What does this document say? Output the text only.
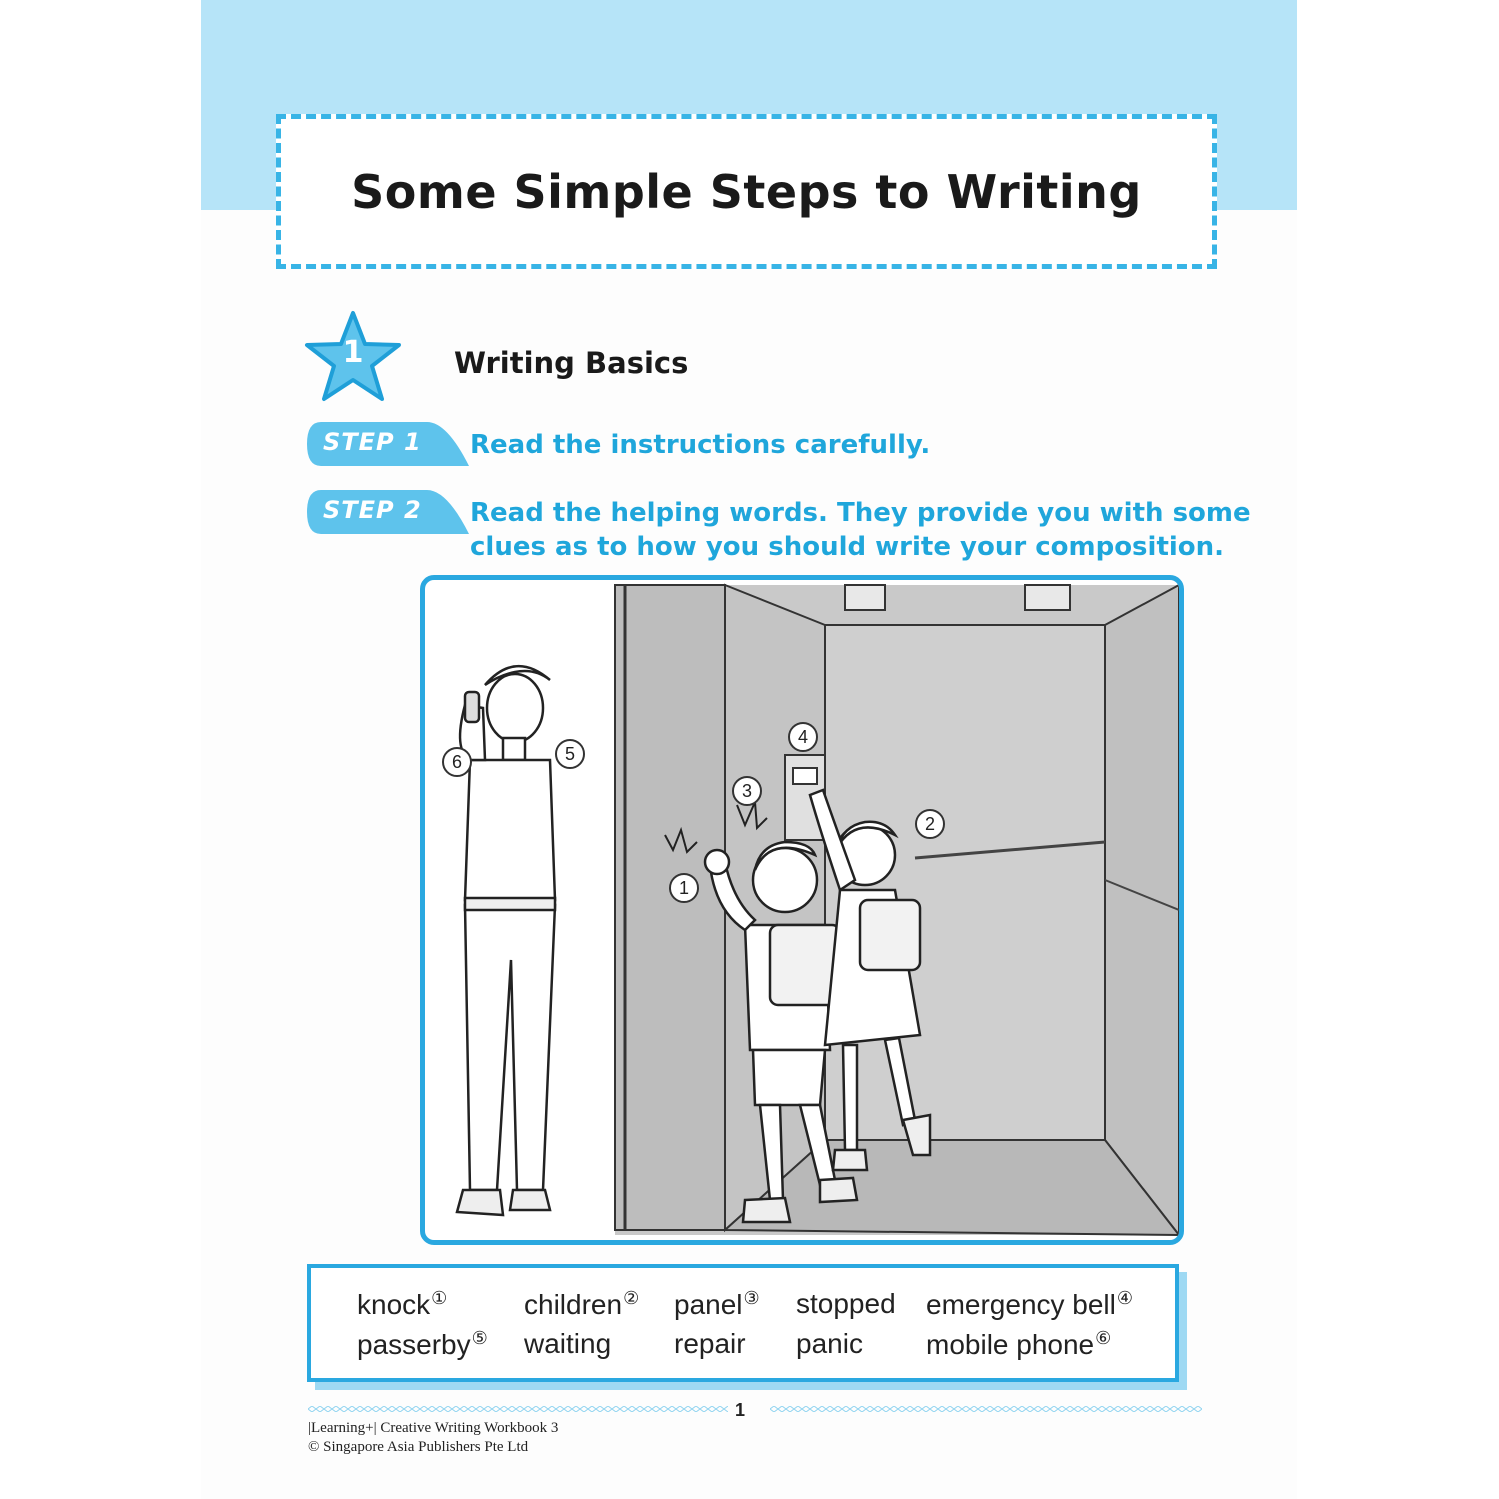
Some Simple Steps to Writing
1	Writing Basics
STEP 1 Read the instructions carefully.
STEP 2 Read the helping words. They provide you with some
clues as to how you should write your composition.
1
2
3
4
5
6
knock①	children② panel③ stopped emergency bell④
passerby⑤ waiting repair panic mobile phone⑥
1
|Learning+| Creative Writing Workbook 3
© Singapore Asia Publishers Pte Ltd
